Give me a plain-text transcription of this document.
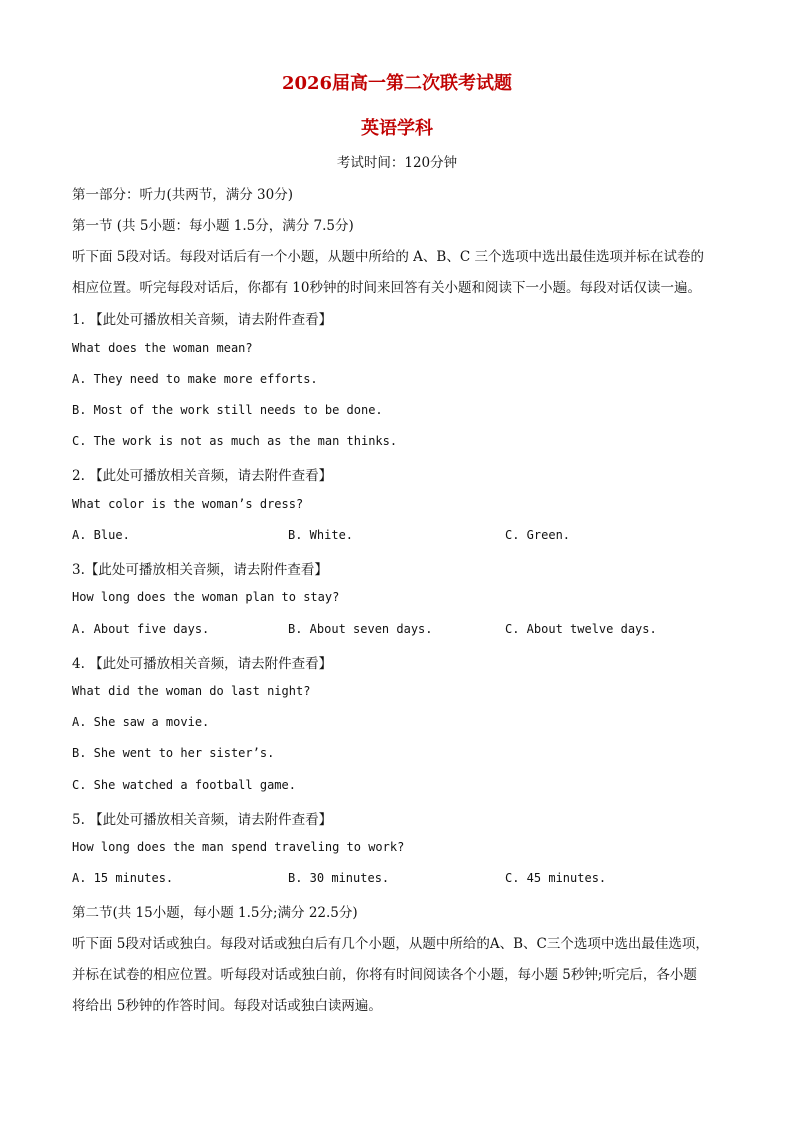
2026届高一第二次联考试题
英语学科
考试时间：120分钟
第一部分：听力(共两节，满分 30分)
第一节 (共 5小题：每小题 1.5分，满分 7.5分)
听下面 5段对话。每段对话后有一个小题，从题中所给的 A、B、C 三个选项中选出最佳选项并标在试卷的
相应位置。听完每段对话后，你都有 10秒钟的时间来回答有关小题和阅读下一小题。每段对话仅读一遍。
1. 【此处可播放相关音频，请去附件查看】
What does the woman mean?
A. They need to make more efforts.
B. Most of the work still needs to be done.
C. The work is not as much as the man thinks.
2. 【此处可播放相关音频，请去附件查看】
What color is the woman’s dress?
A. Blue.	B. White.	C. Green.
3.【此处可播放相关音频，请去附件查看】
How long does the woman plan to stay?
A. About five days.	B. About seven days.	C. About twelve days.
4. 【此处可播放相关音频，请去附件查看】
What did the woman do last night?
A. She saw a movie.
B. She went to her sister’s.
C. She watched a football game.
5. 【此处可播放相关音频，请去附件查看】
How long does the man spend traveling to work?
A. 15 minutes.	B. 30 minutes.	C. 45 minutes.
第二节(共 15小题，每小题 1.5分;满分 22.5分)
听下面 5段对话或独白。每段对话或独白后有几个小题，从题中所给的A、B、C三个选项中选出最佳选项，
并标在试卷的相应位置。听每段对话或独白前，你将有时间阅读各个小题，每小题 5秒钟;听完后，各小题
将给出 5秒钟的作答时间。每段对话或独白读两遍。
